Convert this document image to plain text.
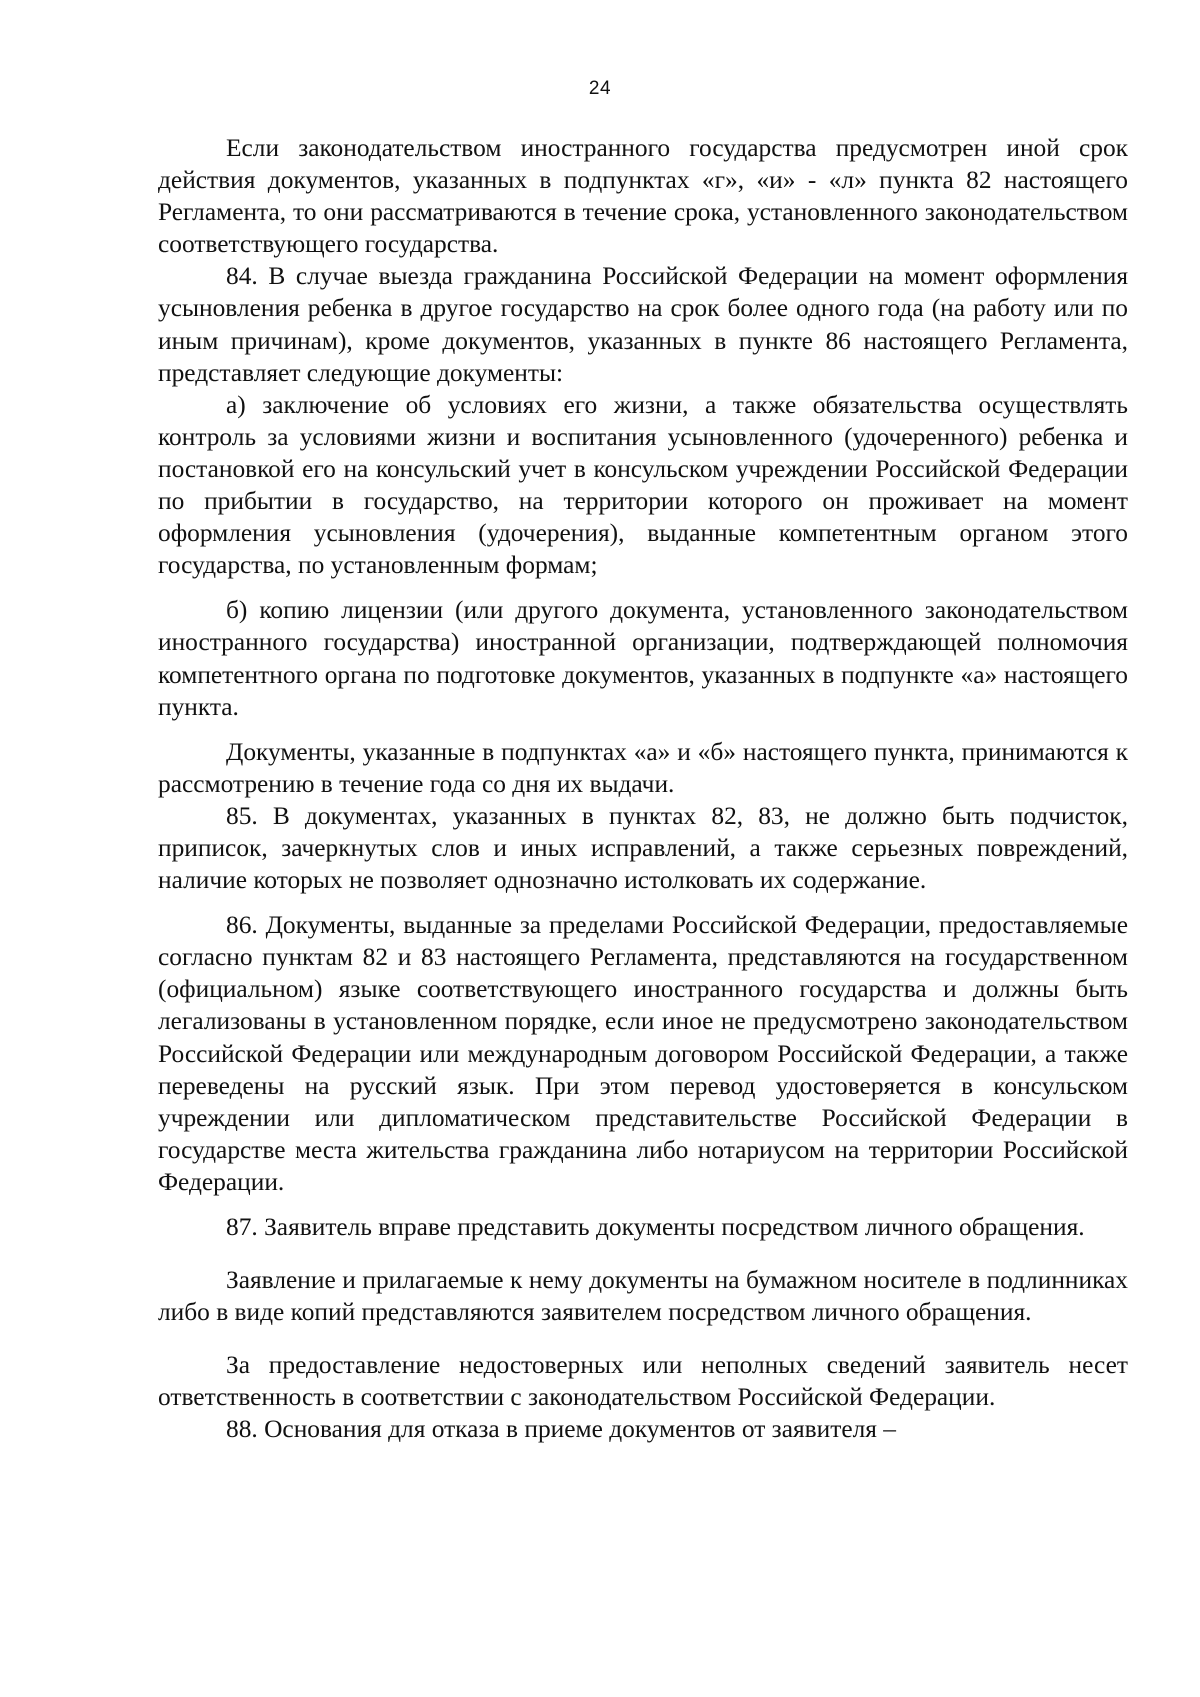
24

Если законодательством иностранного государства предусмотрен иной срок действия документов, указанных в подпунктах «г», «и» - «л» пункта 82 настоящего Регламента, то они рассматриваются в течение срока, установленного законодательством соответствующего государства.

84. В случае выезда гражданина Российской Федерации на момент оформления усыновления ребенка в другое государство на срок более одного года (на работу или по иным причинам), кроме документов, указанных в пункте 86 настоящего Регламента, представляет следующие документы:

а) заключение об условиях его жизни, а также обязательства осуществлять контроль за условиями жизни и воспитания усыновленного (удочеренного) ребенка и постановкой его на консульский учет в консульском учреждении Российской Федерации по прибытии в государство, на территории которого он проживает на момент оформления усыновления (удочерения), выданные компетентным органом этого государства, по установленным формам;

б) копию лицензии (или другого документа, установленного законодательством иностранного государства) иностранной организации, подтверждающей полномочия компетентного органа по подготовке документов, указанных в подпункте «а» настоящего пункта.

Документы, указанные в подпунктах «а» и «б» настоящего пункта, принимаются к рассмотрению в течение года со дня их выдачи.

85. В документах, указанных в пунктах 82, 83, не должно быть подчисток, приписок, зачеркнутых слов и иных исправлений, а также серьезных повреждений, наличие которых не позволяет однозначно истолковать их содержание.

86. Документы, выданные за пределами Российской Федерации, предоставляемые согласно пунктам 82 и 83 настоящего Регламента, представляются на государственном (официальном) языке соответствующего иностранного государства и должны быть легализованы в установленном порядке, если иное не предусмотрено законодательством Российской Федерации или международным договором Российской Федерации, а также переведены на русский язык. При этом перевод удостоверяется в консульском учреждении или дипломатическом представительстве Российской Федерации в государстве места жительства гражданина либо нотариусом на территории Российской Федерации.

87. Заявитель вправе представить документы посредством личного обращения.

Заявление и прилагаемые к нему документы на бумажном носителе в подлинниках либо в виде копий представляются заявителем посредством личного обращения.

За предоставление недостоверных или неполных сведений заявитель несет ответственность в соответствии с законодательством Российской Федерации.

88. Основания для отказа в приеме документов от заявителя –
